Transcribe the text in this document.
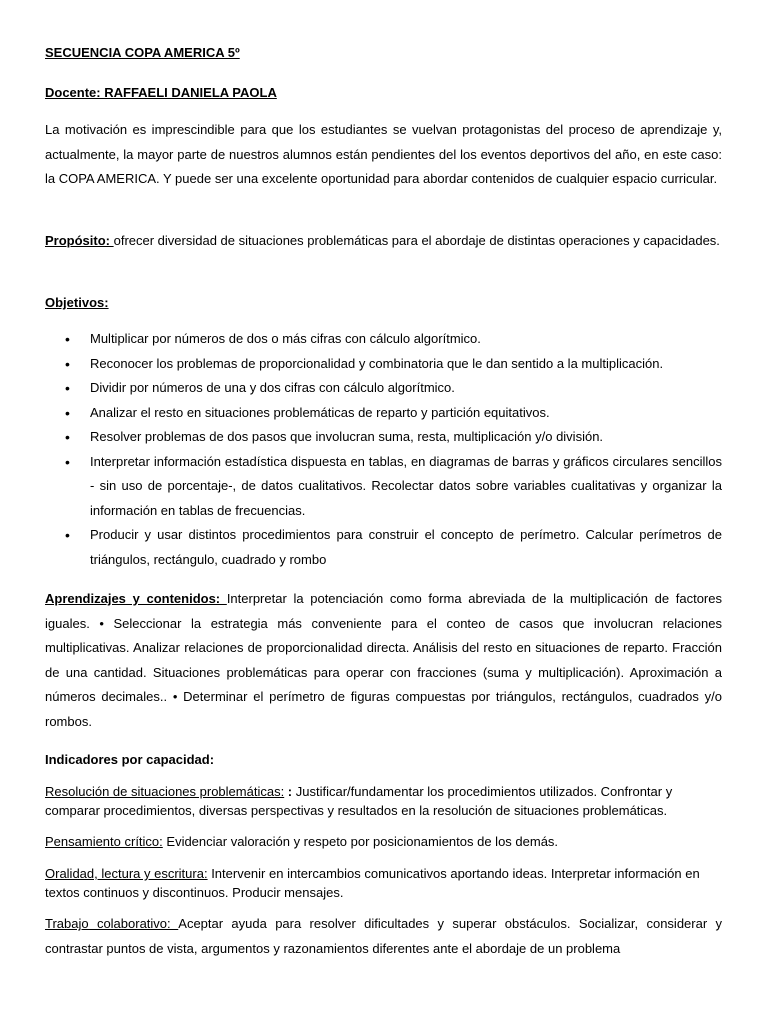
SECUENCIA COPA AMERICA 5º

Docente: RAFFAELI DANIELA PAOLA

La motivación es imprescindible para que los estudiantes se vuelvan protagonistas del proceso de aprendizaje y, actualmente, la mayor parte de nuestros alumnos están pendientes del los eventos deportivos del año, en este caso: la COPA AMERICA. Y puede ser una excelente oportunidad para abordar contenidos de cualquier espacio curricular.

Propósito: ofrecer diversidad de situaciones problemáticas para el abordaje de distintas operaciones y capacidades.

Objetivos:

• Multiplicar por números de dos o más cifras con cálculo algorítmico.
• Reconocer los problemas de proporcionalidad y combinatoria que le dan sentido a la multiplicación.
• Dividir por números de una y dos cifras con cálculo algorítmico.
• Analizar el resto en situaciones problemáticas de reparto y partición equitativos.
• Resolver problemas de dos pasos que involucran suma, resta, multiplicación y/o división.
• Interpretar información estadística dispuesta en tablas, en diagramas de barras y gráficos circulares sencillos - sin uso de porcentaje-, de datos cualitativos. Recolectar datos sobre variables cualitativas y organizar la información en tablas de frecuencias.
• Producir y usar distintos procedimientos para construir el concepto de perímetro. Calcular perímetros de triángulos, rectángulo, cuadrado y rombo

Aprendizajes y contenidos: Interpretar la potenciación como forma abreviada de la multiplicación de factores iguales. • Seleccionar la estrategia más conveniente para el conteo de casos que involucran relaciones multiplicativas. Analizar relaciones de proporcionalidad directa. Análisis del resto en situaciones de reparto. Fracción de una cantidad. Situaciones problemáticas para operar con fracciones (suma y multiplicación). Aproximación a números decimales.. • Determinar el perímetro de figuras compuestas por triángulos, rectángulos, cuadrados y/o rombos.

Indicadores por capacidad:

Resolución de situaciones problemáticas: : Justificar/fundamentar los procedimientos utilizados. Confrontar y comparar procedimientos, diversas perspectivas y resultados en la resolución de situaciones problemáticas.

Pensamiento crítico: Evidenciar valoración y respeto por posicionamientos de los demás.

Oralidad, lectura y escritura: Intervenir en intercambios comunicativos aportando ideas. Interpretar información en textos continuos y discontinuos. Producir mensajes.

Trabajo colaborativo: Aceptar ayuda para resolver dificultades y superar obstáculos. Socializar, considerar y contrastar puntos de vista, argumentos y razonamientos diferentes ante el abordaje de un problema
